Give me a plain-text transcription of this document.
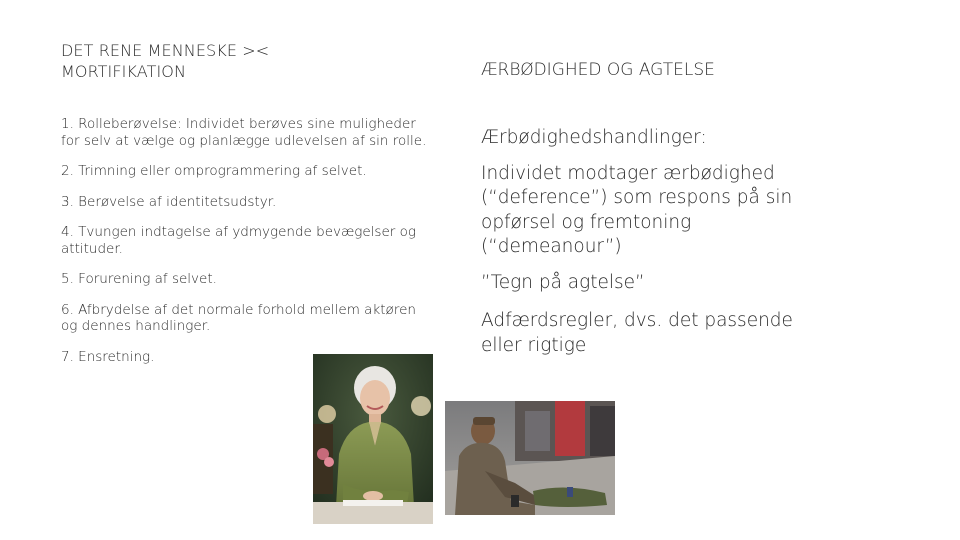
DET RENE MENNESKE >< MORTIFIKATION
1. Rolleberøvelse: Individet berøves sine muligheder for selv at vælge og planlægge udlevelsen af sin rolle.
2. Trimning eller omprogrammering af selvet.
3. Berøvelse af identitetsudstyr.
4. Tvungen indtagelse af ydmygende bevægelser og attituder.
5. Forurening af selvet.
6. Afbrydelse af det normale forhold mellem aktøren og dennes handlinger.
7. Ensretning.
ÆRBØDIGHED OG AGTELSE

Ærbødighedshandlinger:

Individet modtager ærbødighed (“deference”) som respons på sin opførsel og fremtoning (“demeanour”)

”Tegn på agtelse”

Adfærdsregler, dvs. det passende eller rigtige
